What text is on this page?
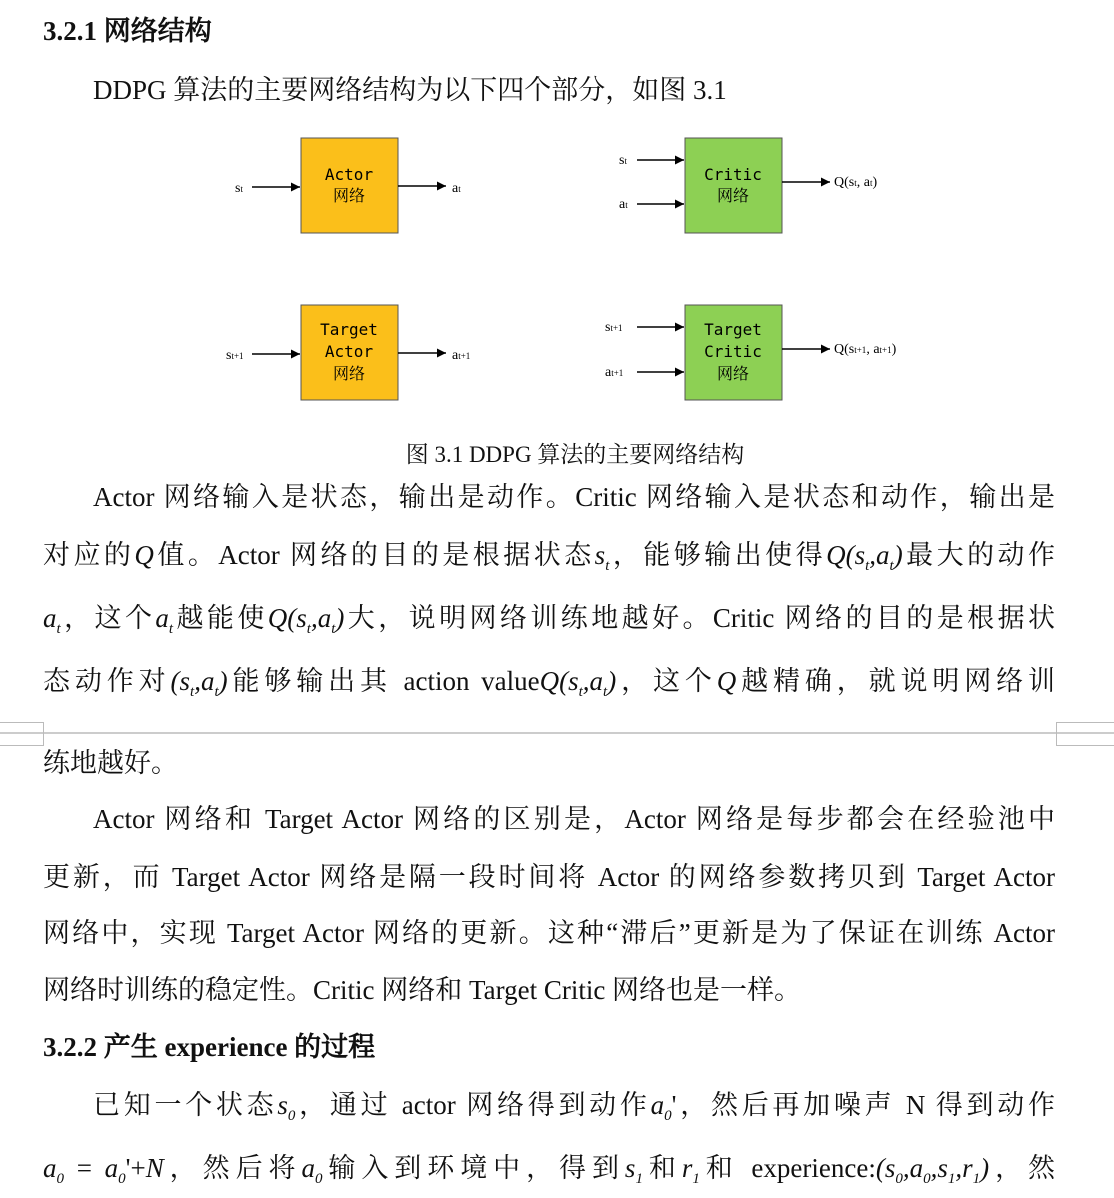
3.2.1 网络结构
DDPG 算法的主要网络结构为以下四个部分，如图 3.1
Actor
网络
st	at
Critic
网络
st
at
Q(st, at)
Target
Actor
网络
st+1	at+1
Target
Critic
网络
st+1
at+1
Q(st+1, at+1)
图 3.1 DDPG 算法的主要网络结构
Actor 网络输入是状态，输出是动作。Critic 网络输入是状态和动作，输出是
对应的Q值。Actor 网络的目的是根据状态$s_t$，能够输出使得$Q(s_t,a_t)$最大的动作
$a_t$，这个$a_t$越能使$Q(s_t,a_t)$大，说明网络训练地越好。Critic 网络的目的是根据状
态动作对$(s_t,a_t)$能够输出其 action $valueQ(s_t,a_t)$，这个Q越精确，就说明网络训
练地越好。
Actor 网络和 Target Actor 网络的区别是，Actor 网络是每步都会在经验池中
更新，而 Target Actor 网络是隔一段时间将 Actor 的网络参数拷贝到 Target Actor
网络中，实现 Target Actor 网络的更新。这种“滞后”更新是为了保证在训练 Actor
网络时训练的稳定性。Critic 网络和 Target Critic 网络也是一样。
已知一个状态$s_0$，通过 actor 网络得到动作$a_0'$，然后再加噪声 N 得到动作
$a_0 = a_0'+N$，然后将$a_0$输入到环境中，得到$s_1$和$r_1$和 $experience:(s_0,a_0,s_1,r_1)$，然
3.2.2 产生 experience 的过程
